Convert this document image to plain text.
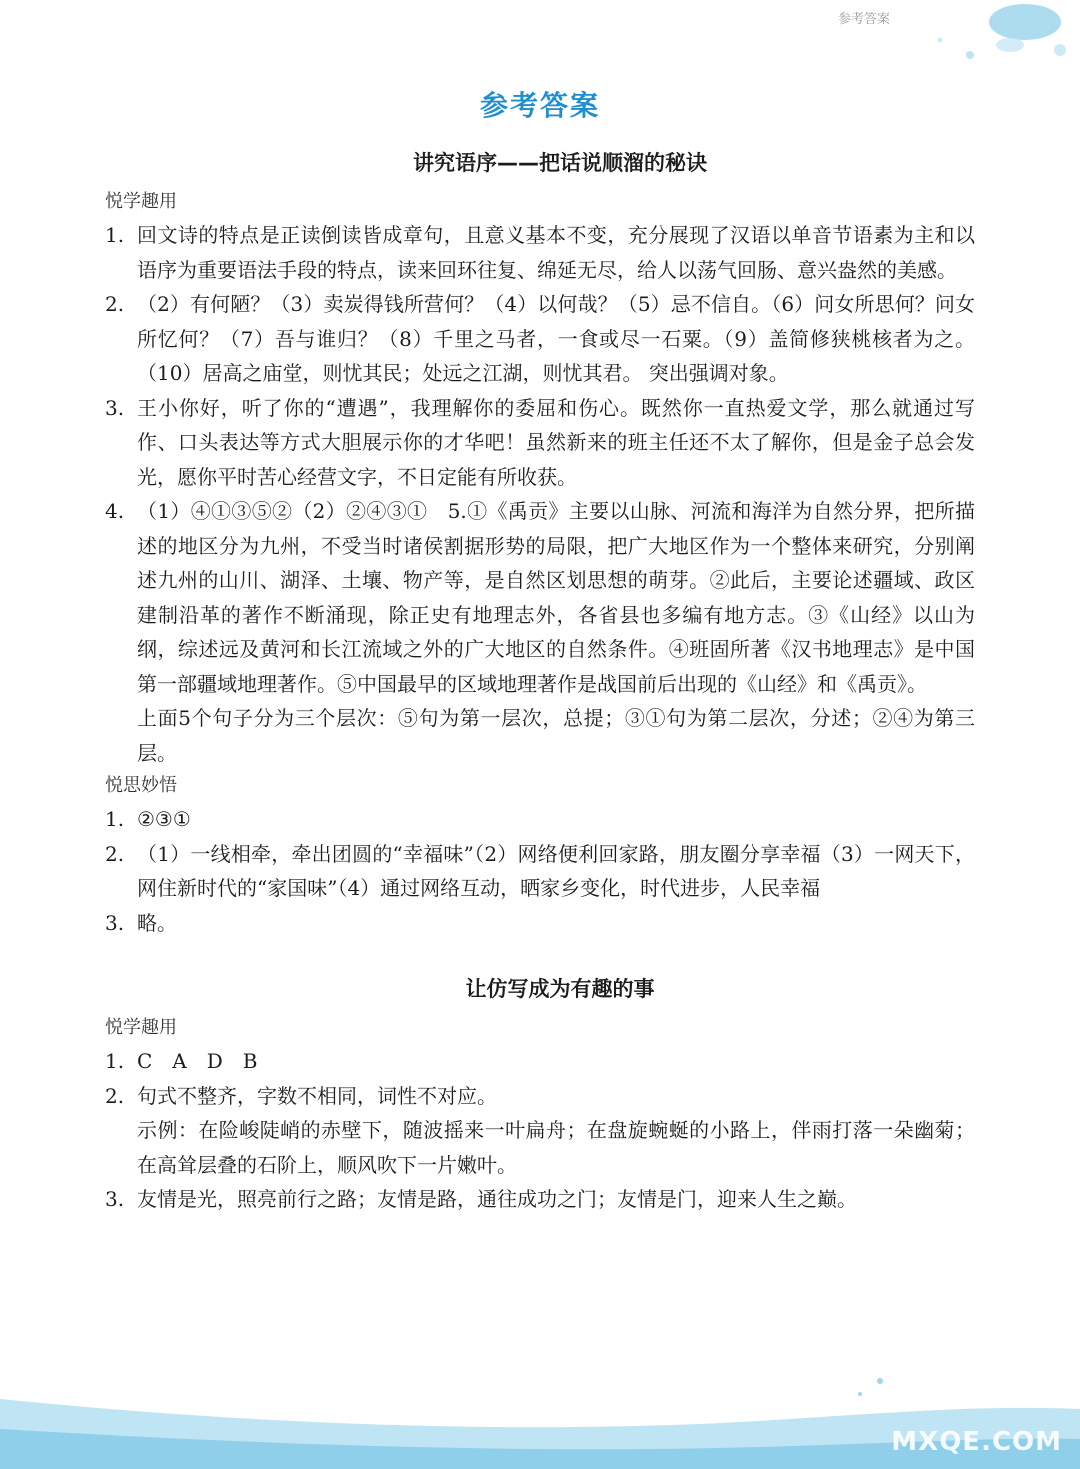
参考答案
参考答案
讲究语序——把话说顺溜的秘诀
悦学趣用

1. 回文诗的特点是正读倒读皆成章句，且意义基本不变，充分展现了汉语以单音节语素为主和以语序为重要语法手段的特点，读来回环往复、绵延无尽，给人以荡气回肠、意兴盎然的美感。

2. （2）有何陋？（3）卖炭得钱所营何？（4）以何哉？（5）忌不信自。（6）问女所思何？问女所忆何？（7）吾与谁归？（8）千里之马者，一食或尽一石粟。（9）盖简修狭桃核者为之。（10）居高之庙堂，则忧其民；处远之江湖，则忧其君。 突出强调对象。

3. 王小你好，听了你的“遭遇”，我理解你的委屈和伤心。既然你一直热爱文学，那么就通过写作、口头表达等方式大胆展示你的才华吧！虽然新来的班主任还不太了解你，但是金子总会发光，愿你平时苦心经营文字，不日定能有所收获。

4. （1）④①③⑤②（2）②④③①　5.①《禹贡》主要以山脉、河流和海洋为自然分界，把所描述的地区分为九州，不受当时诸侯割据形势的局限，把广大地区作为一个整体来研究，分别阐述九州的山川、湖泽、土壤、物产等，是自然区划思想的萌芽。②此后，主要论述疆域、政区建制沿革的著作不断涌现，除正史有地理志外，各省县也多编有地方志。③《山经》以山为纲，综述远及黄河和长江流域之外的广大地区的自然条件。④班固所著《汉书地理志》是中国第一部疆域地理著作。⑤中国最早的区域地理著作是战国前后出现的《山经》和《禹贡》。

上面5个句子分为三个层次：⑤句为第一层次，总提；③①句为第二层次，分述；②④为第三层。

悦思妙悟

1. ②③①

2. （1）一线相牵，牵出团圆的“幸福味”（2）网络便利回家路，朋友圈分享幸福（3）一网天下，网住新时代的“家国味”（4）通过网络互动，晒家乡变化，时代进步，人民幸福

3. 略。

让仿写成为有趣的事
悦学趣用

1. C　A　D　B

2. 句式不整齐，字数不相同，词性不对应。

示例：在险峻陡峭的赤壁下，随波摇来一叶扁舟；在盘旋蜿蜒的小路上，伴雨打落一朵幽菊；在高耸层叠的石阶上，顺风吹下一片嫩叶。

3. 友情是光，照亮前行之路；友情是路，通往成功之门；友情是门，迎来人生之巅。

MXQE.COM
